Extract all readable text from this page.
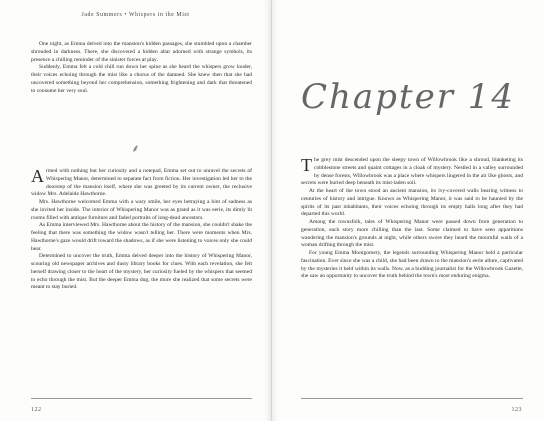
Jade Summers • Whispers in the Mist

One night, as Emma delved into the mansion's hidden passages, she stumbled upon a chamber shrouded in darkness. There, she discovered a hidden altar adorned with strange symbols, its presence a chilling reminder of the sinister forces at play.

Suddenly, Emma felt a cold chill run down her spine as she heard the whispers grow louder, their voices echoing through the mist like a chorus of the damned. She knew then that she had uncovered something beyond her comprehension, something frightening and dark that threatened to consume her very soul.

⸙

Armed with nothing but her curiosity and a notepad, Emma set out to unravel the secrets of Whispering Manor, determined to separate fact from fiction. Her investigation led her to the doorstep of the mansion itself, where she was greeted by its current owner, the reclusive widow Mrs. Adelaide Hawthorne.

Mrs. Hawthorne welcomed Emma with a wary smile, her eyes betraying a hint of sadness as she invited her inside. The interior of Whispering Manor was as grand as it was eerie, its dimly lit rooms filled with antique furniture and faded portraits of long-dead ancestors.

As Emma interviewed Mrs. Hawthorne about the history of the mansion, she couldn't shake the feeling that there was something the widow wasn't telling her. There were moments when Mrs. Hawthorne's gaze would drift toward the shadows, as if she were listening to voices only she could hear.

Determined to uncover the truth, Emma delved deeper into the history of Whispering Manor, scouring old newspaper archives and dusty library books for clues. With each revelation, she felt herself drawing closer to the heart of the mystery, her curiosity fueled by the whispers that seemed to echo through the mist. But the deeper Emma dug, the more she realized that some secrets were meant to stay buried.

122
Chapter 14

The grey mist descended upon the sleepy town of Willowbrook like a shroud, blanketing its cobblestone streets and quaint cottages in a cloak of mystery. Nestled in a valley surrounded by dense forests, Willowbrook was a place where whispers lingered in the air like ghosts, and secrets were buried deep beneath its mist-laden soil.

At the heart of the town stood an ancient mansion, its ivy-covered walls bearing witness to centuries of history and intrigue. Known as Whispering Manor, it was said to be haunted by the spirits of its past inhabitants, their voices echoing through its empty halls long after they had departed this world.

Among the townsfolk, tales of Whispering Manor were passed down from generation to generation, each story more chilling than the last. Some claimed to have seen apparitions wandering the mansion's grounds at night, while others swore they heard the mournful wails of a woman drifting through the mist.

For young Emma Montgomery, the legends surrounding Whispering Manor held a particular fascination. Ever since she was a child, she had been drawn to the mansion's eerie allure, captivated by the mysteries it held within its walls. Now, as a budding journalist for the Willowbrook Gazette, she saw an opportunity to uncover the truth behind the town's most enduring enigma.

123
